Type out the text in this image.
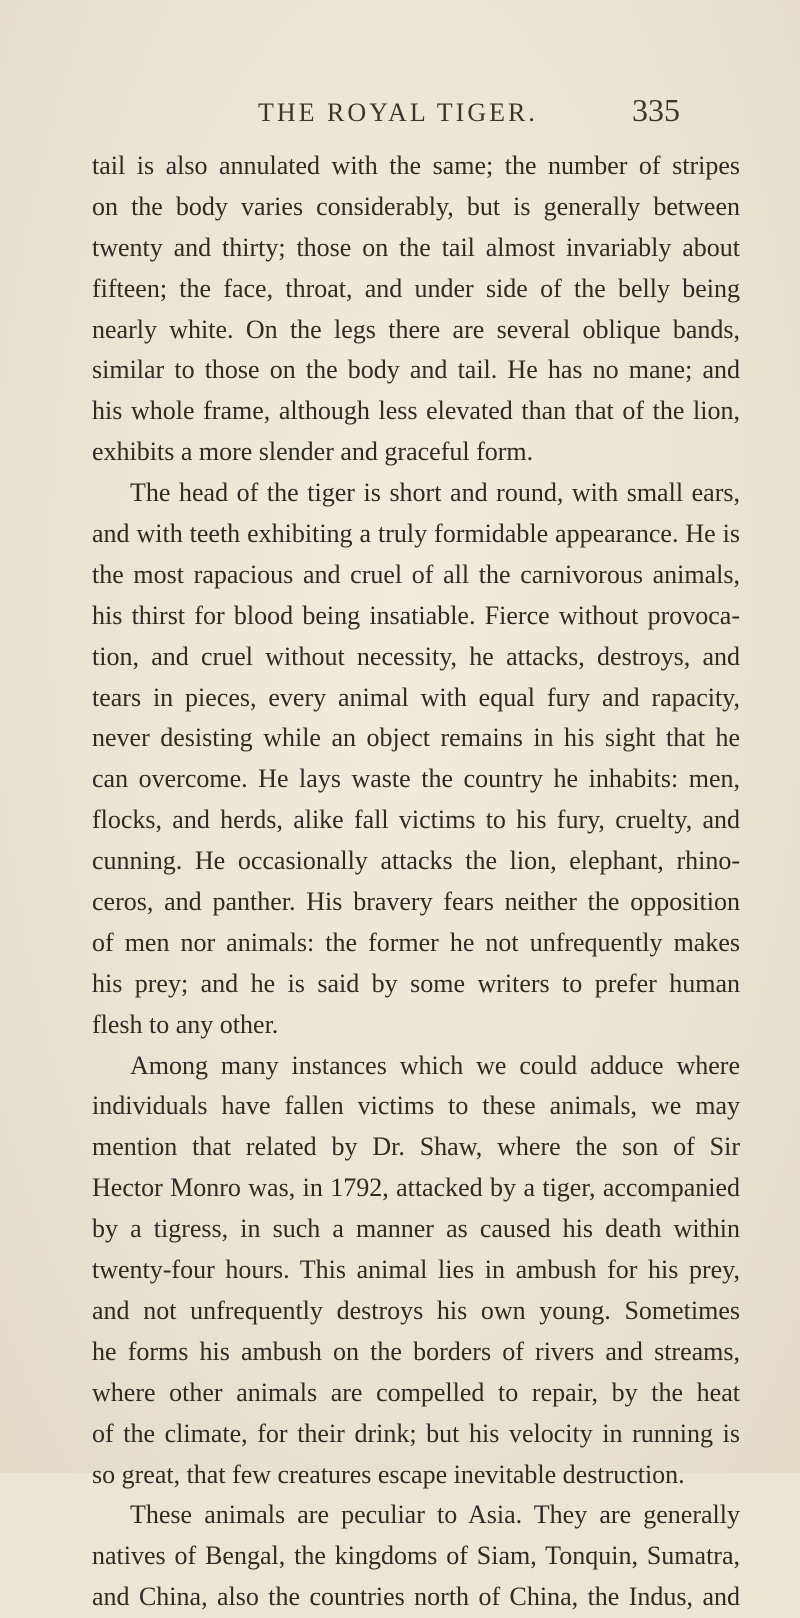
THE ROYAL TIGER.	335
tail is also annulated with the same; the number of stripes
on the body varies considerably, but is generally between
twenty and thirty; those on the tail almost invariably about
fifteen; the face, throat, and under side of the belly being
nearly white. On the legs there are several oblique bands,
similar to those on the body and tail. He has no mane; and
his whole frame, although less elevated than that of the lion,
exhibits a more slender and graceful form.
The head of the tiger is short and round, with small ears,
and with teeth exhibiting a truly formidable appearance. He is
the most rapacious and cruel of all the carnivorous animals,
his thirst for blood being insatiable. Fierce without provoca-
tion, and cruel without necessity, he attacks, destroys, and
tears in pieces, every animal with equal fury and rapacity,
never desisting while an object remains in his sight that he
can overcome. He lays waste the country he inhabits: men,
flocks, and herds, alike fall victims to his fury, cruelty, and
cunning. He occasionally attacks the lion, elephant, rhino-
ceros, and panther. His bravery fears neither the opposition
of men nor animals: the former he not unfrequently makes
his prey; and he is said by some writers to prefer human
flesh to any other.
Among many instances which we could adduce where
individuals have fallen victims to these animals, we may
mention that related by Dr. Shaw, where the son of Sir
Hector Monro was, in 1792, attacked by a tiger, accompanied
by a tigress, in such a manner as caused his death within
twenty-four hours. This animal lies in ambush for his prey,
and not unfrequently destroys his own young. Sometimes
he forms his ambush on the borders of rivers and streams,
where other animals are compelled to repair, by the heat
of the climate, for their drink; but his velocity in running is
so great, that few creatures escape inevitable destruction.
These animals are peculiar to Asia. They are generally
natives of Bengal, the kingdoms of Siam, Tonquin, Sumatra,
and China, also the countries north of China, the Indus, and
